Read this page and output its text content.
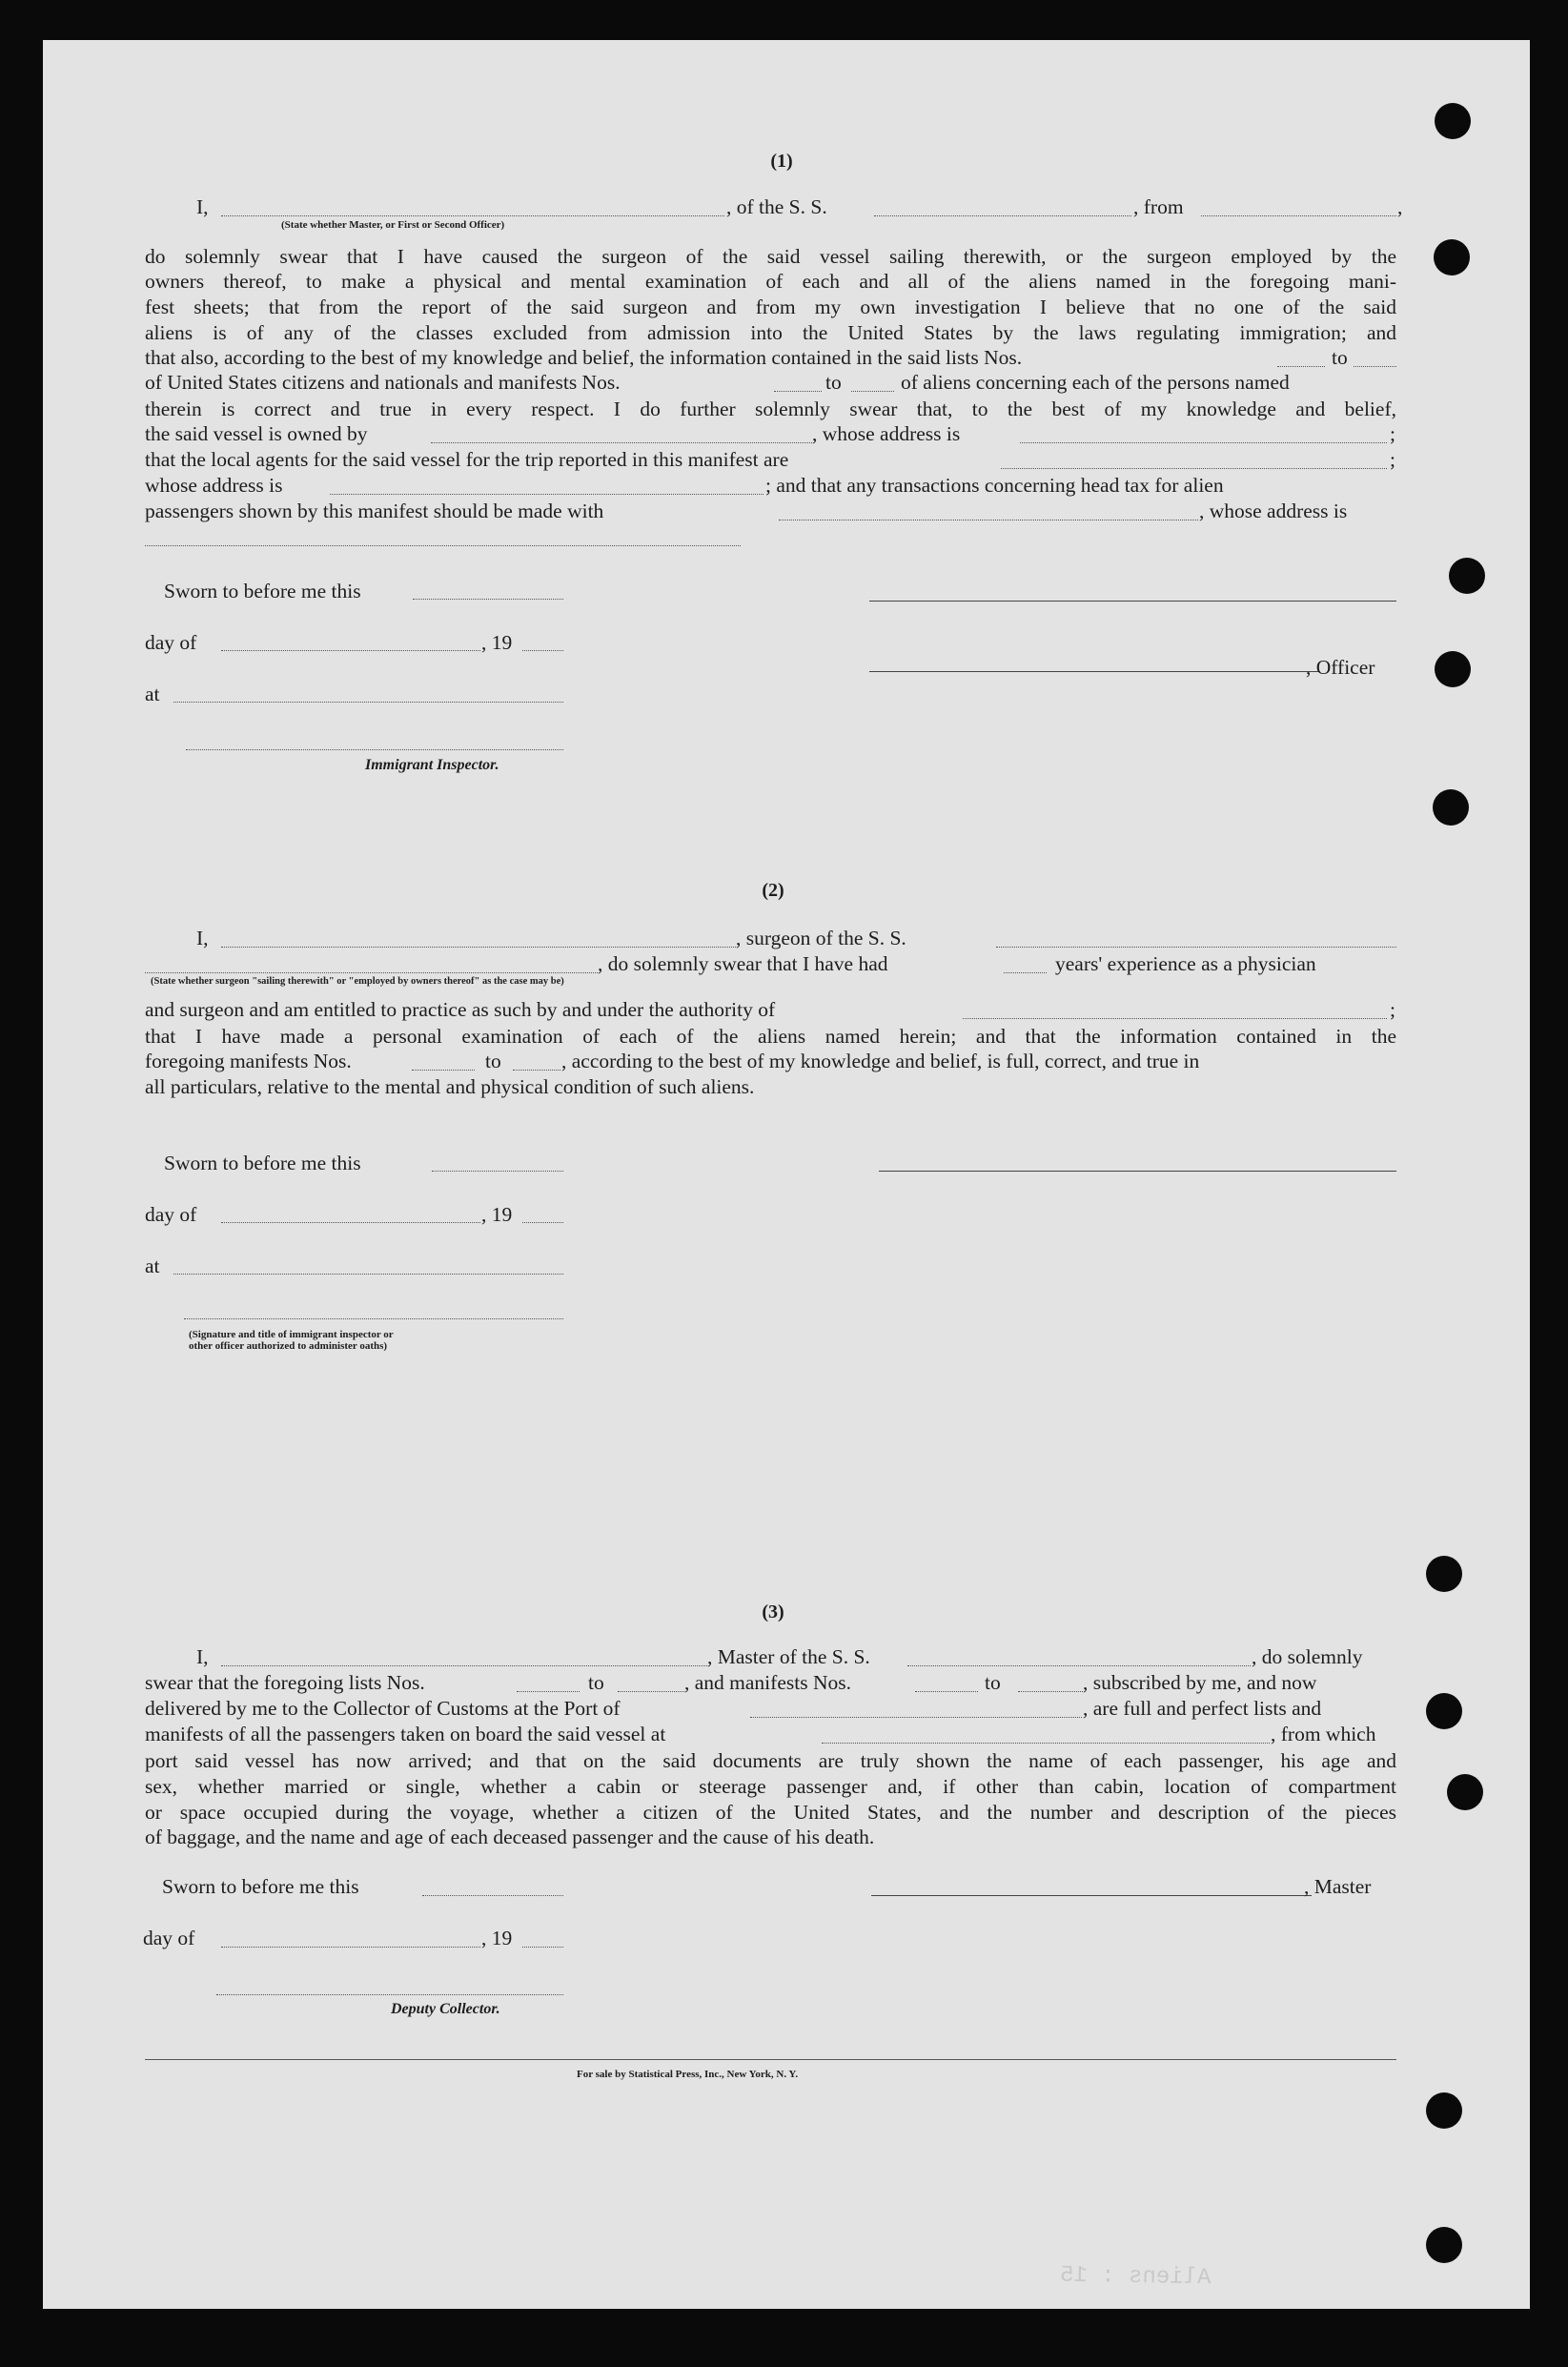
(1)
I,
(State whether Master, or First or Second Officer)
, of the S. S.	, from	,
do solemnly swear that I have caused the surgeon of the said vessel sailing therewith, or the surgeon employed by the
owners thereof, to make a physical and mental examination of each and all of the aliens named in the foregoing mani-
fest sheets; that from the report of the said surgeon and from my own investigation I believe that no one of the said
aliens is of any of the classes excluded from admission into the United States by the laws regulating immigration; and
that also, according to the best of my knowledge and belief, the information contained in the said lists Nos.	to
of United States citizens and nationals and manifests Nos.	to	of aliens concerning each of the persons named
therein is correct and true in every respect. I do further solemnly swear that, to the best of my knowledge and belief,
the said vessel is owned by	, whose address is	;
that the local agents for the said vessel for the trip reported in this manifest are	;
whose address is	; and that any transactions concerning head tax for alien
passengers shown by this manifest should be made with	, whose address is
Sworn to before me this
day of	, 19
, Officer
at
Immigrant Inspector.
(2)
I,	, surgeon of the S. S.
, do solemnly swear that I have had	years' experience as a physician
(State whether surgeon "sailing therewith" or "employed by owners thereof" as the case may be)
and surgeon and am entitled to practice as such by and under the authority of	;
that I have made a personal examination of each of the aliens named herein; and that the information contained in the
foregoing manifests Nos.	to	, according to the best of my knowledge and belief, is full, correct, and true in
all particulars, relative to the mental and physical condition of such aliens.
Sworn to before me this
day of	, 19
at
(Signature and title of immigrant inspector or
other officer authorized to administer oaths)
(3)
I,	, Master of the S. S.	, do solemnly
swear that the foregoing lists Nos.	to	, and manifests Nos.	to	, subscribed by me, and now
delivered by me to the Collector of Customs at the Port of	, are full and perfect lists and
manifests of all the passengers taken on board the said vessel at	, from which
port said vessel has now arrived; and that on the said documents are truly shown the name of each passenger, his age and
sex, whether married or single, whether a cabin or steerage passenger and, if other than cabin, location of compartment
or space occupied during the voyage, whether a citizen of the United States, and the number and description of the pieces
of baggage, and the name and age of each deceased passenger and the cause of his death.
Sworn to before me this	, Master
day of	, 19
Deputy Collector.
For sale by Statistical Press, Inc., New York, N. Y.
Aliens : 15
